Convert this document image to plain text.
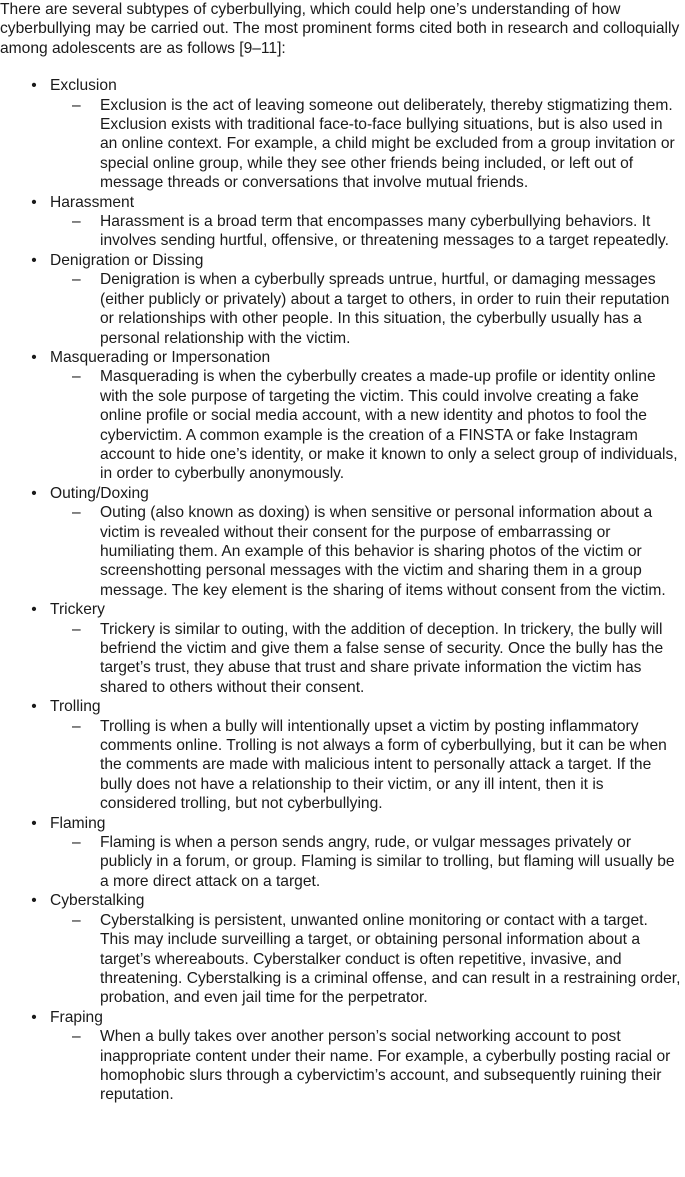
There are several subtypes of cyberbullying, which could help one’s understanding of how cyberbullying may be carried out. The most prominent forms cited both in research and colloquially among adolescents are as follows [9–11]:

• Exclusion

– Exclusion is the act of leaving someone out deliberately, thereby stigmatizing them. Exclusion exists with traditional face-to-face bullying situations, but is also used in an online context. For example, a child might be excluded from a group invitation or special online group, while they see other friends being included, or left out of message threads or conversations that involve mutual friends.

• Harassment

– Harassment is a broad term that encompasses many cyberbullying behaviors. It involves sending hurtful, offensive, or threatening messages to a target repeatedly.

• Denigration or Dissing

– Denigration is when a cyberbully spreads untrue, hurtful, or damaging messages (either publicly or privately) about a target to others, in order to ruin their reputation or relationships with other people. In this situation, the cyberbully usually has a personal relationship with the victim.

• Masquerading or Impersonation

– Masquerading is when the cyberbully creates a made-up profile or identity online with the sole purpose of targeting the victim. This could involve creating a fake online profile or social media account, with a new identity and photos to fool the cybervictim. A common example is the creation of a FINSTA or fake Instagram account to hide one’s identity, or make it known to only a select group of individuals, in order to cyberbully anonymously.

• Outing/Doxing

– Outing (also known as doxing) is when sensitive or personal information about a victim is revealed without their consent for the purpose of embarrassing or humiliating them. An example of this behavior is sharing photos of the victim or screenshotting personal messages with the victim and sharing them in a group message. The key element is the sharing of items without consent from the victim.

• Trickery

– Trickery is similar to outing, with the addition of deception. In trickery, the bully will befriend the victim and give them a false sense of security. Once the bully has the target’s trust, they abuse that trust and share private information the victim has shared to others without their consent.

• Trolling

– Trolling is when a bully will intentionally upset a victim by posting inflammatory comments online. Trolling is not always a form of cyberbullying, but it can be when the comments are made with malicious intent to personally attack a target. If the bully does not have a relationship to their victim, or any ill intent, then it is considered trolling, but not cyberbullying.

• Flaming

– Flaming is when a person sends angry, rude, or vulgar messages privately or publicly in a forum, or group. Flaming is similar to trolling, but flaming will usually be a more direct attack on a target.

• Cyberstalking

– Cyberstalking is persistent, unwanted online monitoring or contact with a target. This may include surveilling a target, or obtaining personal information about a target’s whereabouts. Cyberstalker conduct is often repetitive, invasive, and threatening. Cyberstalking is a criminal offense, and can result in a restraining order, probation, and even jail time for the perpetrator.

• Fraping

– When a bully takes over another person’s social networking account to post inappropriate content under their name. For example, a cyberbully posting racial or homophobic slurs through a cybervictim’s account, and subsequently ruining their reputation.
